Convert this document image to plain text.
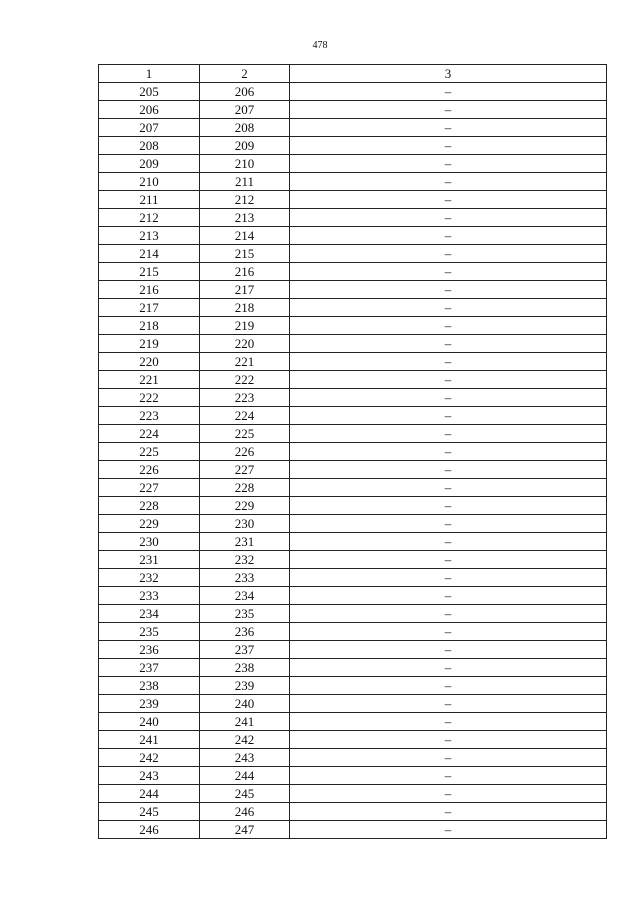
478
1	2	3
205	206	–
206	207	–
207	208	–
208	209	–
209	210	–
210	211	–
211	212	–
212	213	–
213	214	–
214	215	–
215	216	–
216	217	–
217	218	–
218	219	–
219	220	–
220	221	–
221	222	–
222	223	–
223	224	–
224	225	–
225	226	–
226	227	–
227	228	–
228	229	–
229	230	–
230	231	–
231	232	–
232	233	–
233	234	–
234	235	–
235	236	–
236	237	–
237	238	–
238	239	–
239	240	–
240	241	–
241	242	–
242	243	–
243	244	–
244	245	–
245	246	–
246	247	–
